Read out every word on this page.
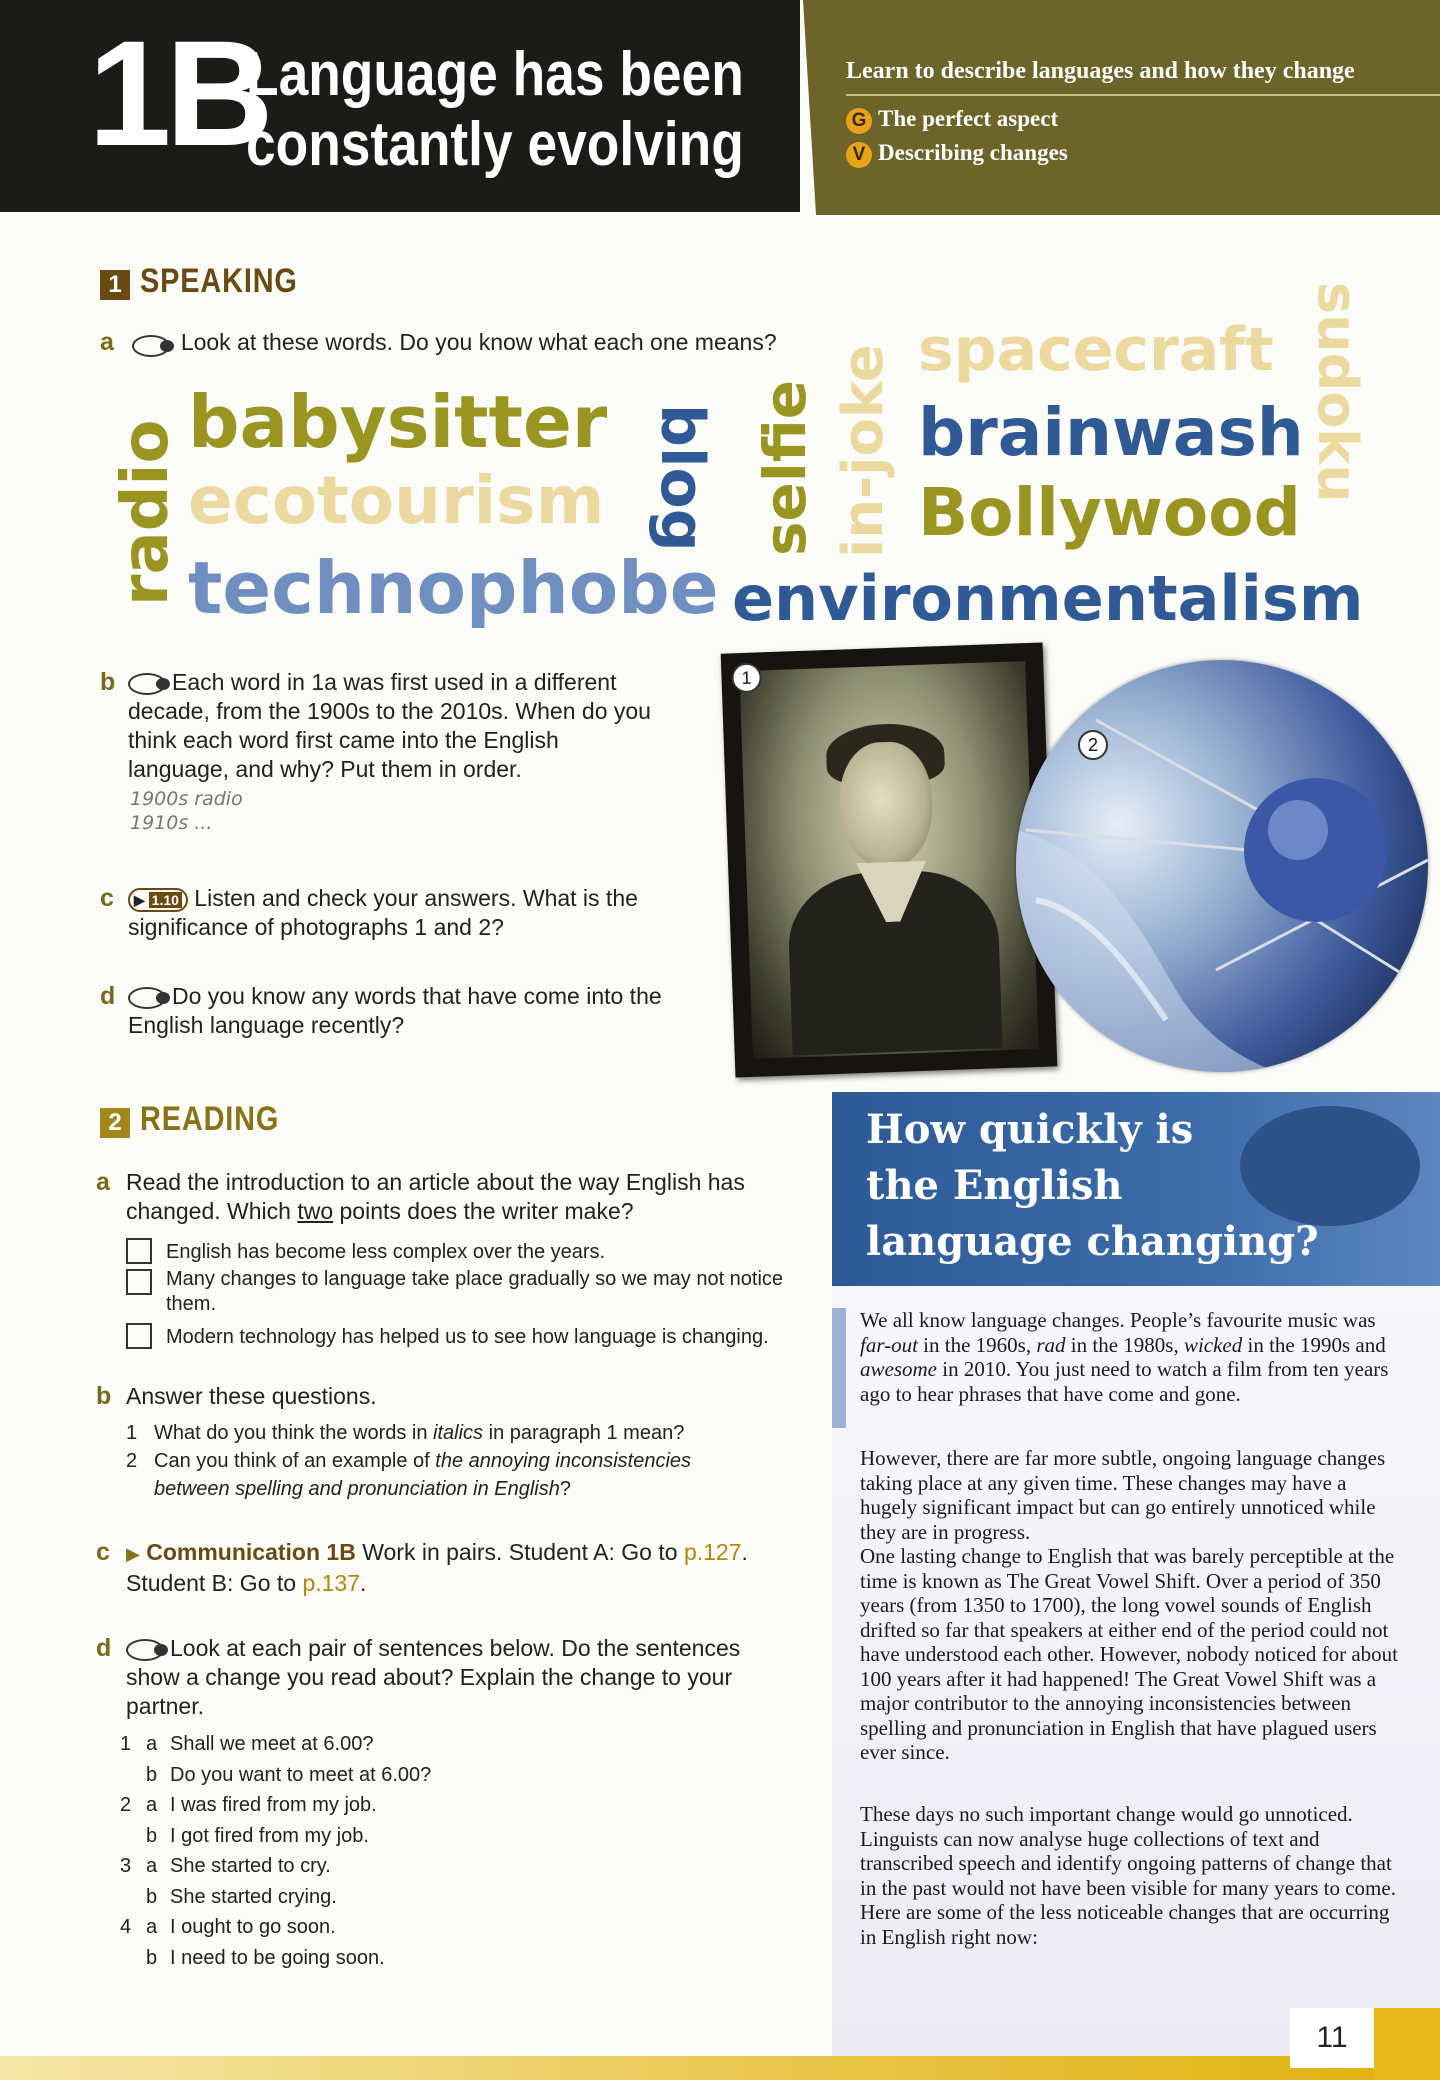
1B
Language has been
constantly evolving
Learn to describe languages and how they change
G The perfect aspect
V Describing changes
1 SPEAKING
a	Look at these words. Do you know what each one means?
radio babysitter
ecotourism
technophobe
blog selfie in-joke spacecraft
brainwash
Bollywood
sudoku
environmentalism
b	Each word in 1a was first used in a different decade, from the 1900s to the 2010s. When do you think each word first came into the English language, and why? Put them in order.
1900s radio
1910s ...
c	▶ 1.10 Listen and check your answers. What is the significance of photographs 1 and 2?
d	Do you know any words that have come into the English language recently?
1
2
2 READING
a Read the introduction to an article about the way English has changed. Which two points does the writer make?
English has become less complex over the years.
Many changes to language take place gradually so we may not notice them.
Modern technology has helped us to see how language is changing.
b Answer these questions.
1 What do you think the words in italics in paragraph 1 mean?
2 Can you think of an example of the annoying inconsistencies between spelling and pronunciation in English?
c ▶ Communication 1B Work in pairs. Student A: Go to p.127.
Student B: Go to p.137.
d	Look at each pair of sentences below. Do the sentences show a change you read about? Explain the change to your partner.
1 a Shall we meet at 6.00?
b Do you want to meet at 6.00?
2 a I was fired from my job.
b I got fired from my job.
3 a She started to cry.
b She started crying.
4 a I ought to go soon.
b I need to be going soon.
How quickly is
the English
language changing?
We all know language changes. People’s favourite music was far-out in the 1960s, rad in the 1980s, wicked in the 1990s and awesome in 2010. You just need to watch a film from ten years ago to hear phrases that have come and gone.
However, there are far more subtle, ongoing language changes taking place at any given time. These changes may have a hugely significant impact but can go entirely unnoticed while they are in progress.
One lasting change to English that was barely perceptible at the time is known as The Great Vowel Shift. Over a period of 350 years (from 1350 to 1700), the long vowel sounds of English drifted so far that speakers at either end of the period could not have understood each other. However, nobody noticed for about 100 years after it had happened! The Great Vowel Shift was a major contributor to the annoying inconsistencies between spelling and pronunciation in English that have plagued users ever since.
These days no such important change would go unnoticed. Linguists can now analyse huge collections of text and transcribed speech and identify ongoing patterns of change that in the past would not have been visible for many years to come. Here are some of the less noticeable changes that are occurring in English right now:
11
